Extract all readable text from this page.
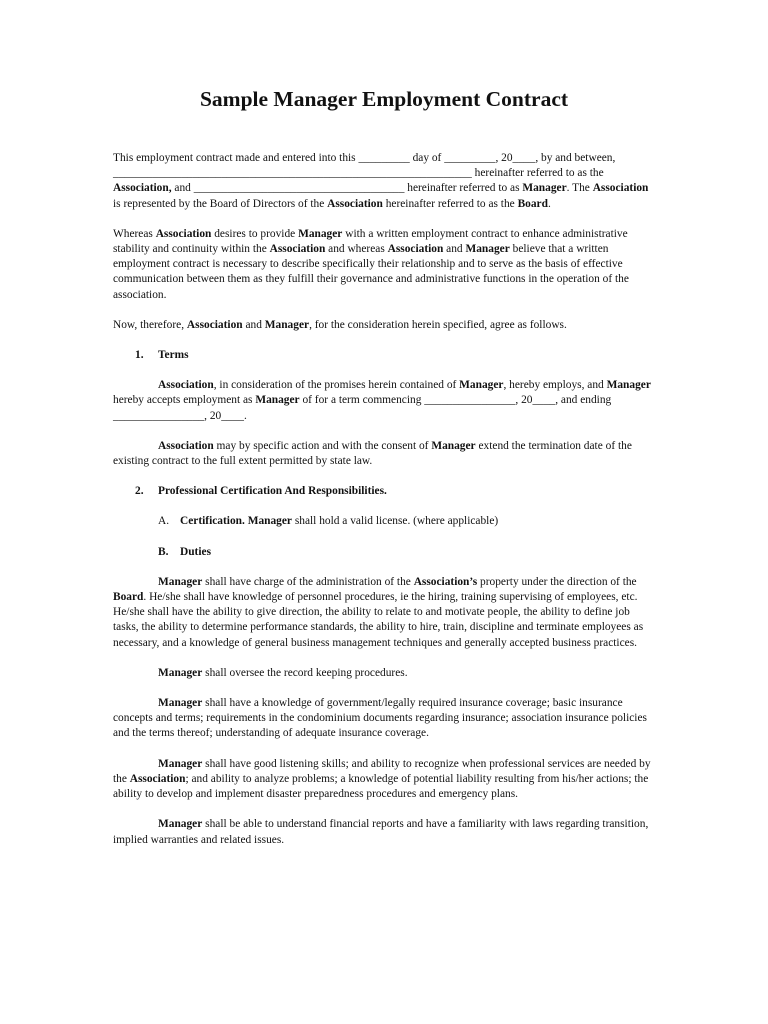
Sample Manager Employment Contract

This employment contract made and entered into this _________ day of _________, 20____, by and between, _______________________________________________________________ hereinafter referred to as the Association, and _____________________________________ hereinafter referred to as Manager. The Association is represented by the Board of Directors of the Association hereinafter referred to as the Board.

Whereas Association desires to provide Manager with a written employment contract to enhance administrative stability and continuity within the Association and whereas Association and Manager believe that a written employment contract is necessary to describe specifically their relationship and to serve as the basis of effective communication between them as they fulfill their governance and administrative functions in the operation of the association.

Now, therefore, Association and Manager, for the consideration herein specified, agree as follows.

1. Terms

Association, in consideration of the promises herein contained of Manager, hereby employs, and Manager hereby accepts employment as Manager of for a term commencing ________________, 20____, and ending ________________, 20____.

Association may by specific action and with the consent of Manager extend the termination date of the existing contract to the full extent permitted by state law.

2. Professional Certification And Responsibilities.
A. Certification. Manager shall hold a valid license. (where applicable)
B. Duties

Manager shall have charge of the administration of the Association’s property under the direction of the Board. He/she shall have knowledge of personnel procedures, ie the hiring, training supervising of employees, etc. He/she shall have the ability to give direction, the ability to relate to and motivate people, the ability to define job tasks, the ability to determine performance standards, the ability to hire, train, discipline and terminate employees as necessary, and a knowledge of general business management techniques and generally accepted business practices.

Manager shall oversee the record keeping procedures.

Manager shall have a knowledge of government/legally required insurance coverage; basic insurance concepts and terms; requirements in the condominium documents regarding insurance; association insurance policies and the terms thereof; understanding of adequate insurance coverage.

Manager shall have good listening skills; and ability to recognize when professional services are needed by the Association; and ability to analyze problems; a knowledge of potential liability resulting from his/her actions; the ability to develop and implement disaster preparedness procedures and emergency plans.

Manager shall be able to understand financial reports and have a familiarity with laws regarding transition, implied warranties and related issues.
